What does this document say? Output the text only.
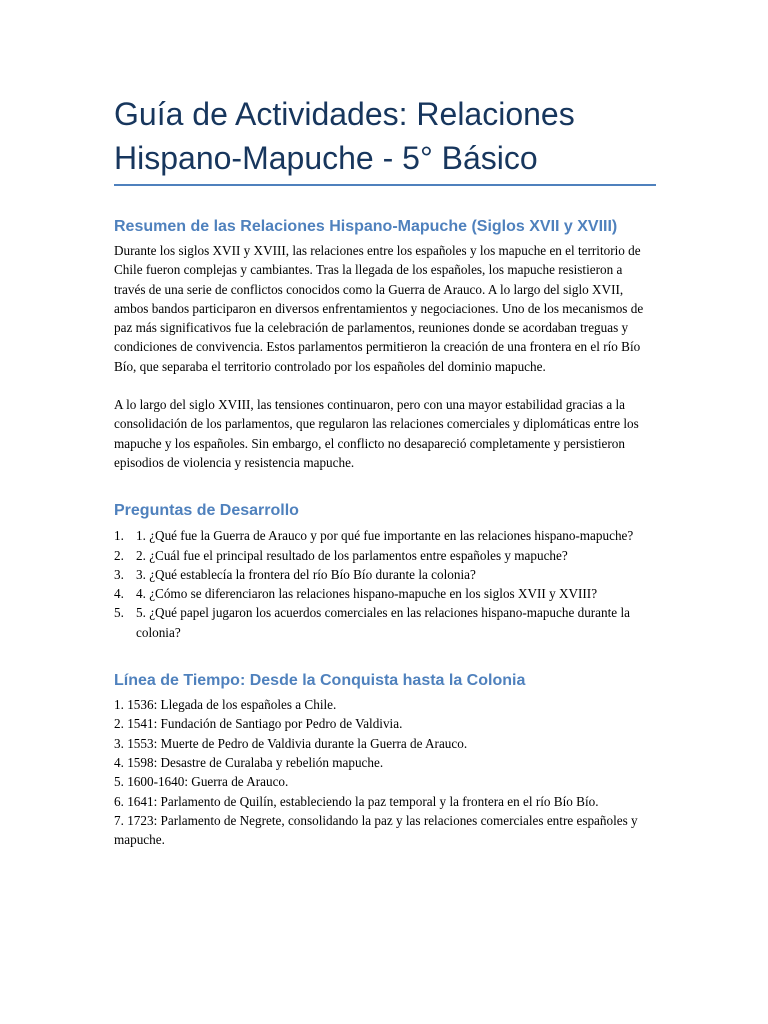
Guía de Actividades: Relaciones Hispano-Mapuche - 5° Básico
Resumen de las Relaciones Hispano-Mapuche (Siglos XVII y XVIII)

Durante los siglos XVII y XVIII, las relaciones entre los españoles y los mapuche en el territorio de Chile fueron complejas y cambiantes. Tras la llegada de los españoles, los mapuche resistieron a través de una serie de conflictos conocidos como la Guerra de Arauco. A lo largo del siglo XVII, ambos bandos participaron en diversos enfrentamientos y negociaciones. Uno de los mecanismos de paz más significativos fue la celebración de parlamentos, reuniones donde se acordaban treguas y condiciones de convivencia. Estos parlamentos permitieron la creación de una frontera en el río Bío Bío, que separaba el territorio controlado por los españoles del dominio mapuche.

A lo largo del siglo XVIII, las tensiones continuaron, pero con una mayor estabilidad gracias a la consolidación de los parlamentos, que regularon las relaciones comerciales y diplomáticas entre los mapuche y los españoles. Sin embargo, el conflicto no desapareció completamente y persistieron episodios de violencia y resistencia mapuche.

Preguntas de Desarrollo
1. 1. ¿Qué fue la Guerra de Arauco y por qué fue importante en las relaciones hispano-mapuche?
2. 2. ¿Cuál fue el principal resultado de los parlamentos entre españoles y mapuche?
3. 3. ¿Qué establecía la frontera del río Bío Bío durante la colonia?
4. 4. ¿Cómo se diferenciaron las relaciones hispano-mapuche en los siglos XVII y XVIII?
5. 5. ¿Qué papel jugaron los acuerdos comerciales en las relaciones hispano-mapuche durante la colonia?
Línea de Tiempo: Desde la Conquista hasta la Colonia
1. 1536: Llegada de los españoles a Chile.
2. 1541: Fundación de Santiago por Pedro de Valdivia.
3. 1553: Muerte de Pedro de Valdivia durante la Guerra de Arauco.
4. 1598: Desastre de Curalaba y rebelión mapuche.
5. 1600-1640: Guerra de Arauco.
6. 1641: Parlamento de Quilín, estableciendo la paz temporal y la frontera en el río Bío Bío.
7. 1723: Parlamento de Negrete, consolidando la paz y las relaciones comerciales entre españoles y mapuche.
